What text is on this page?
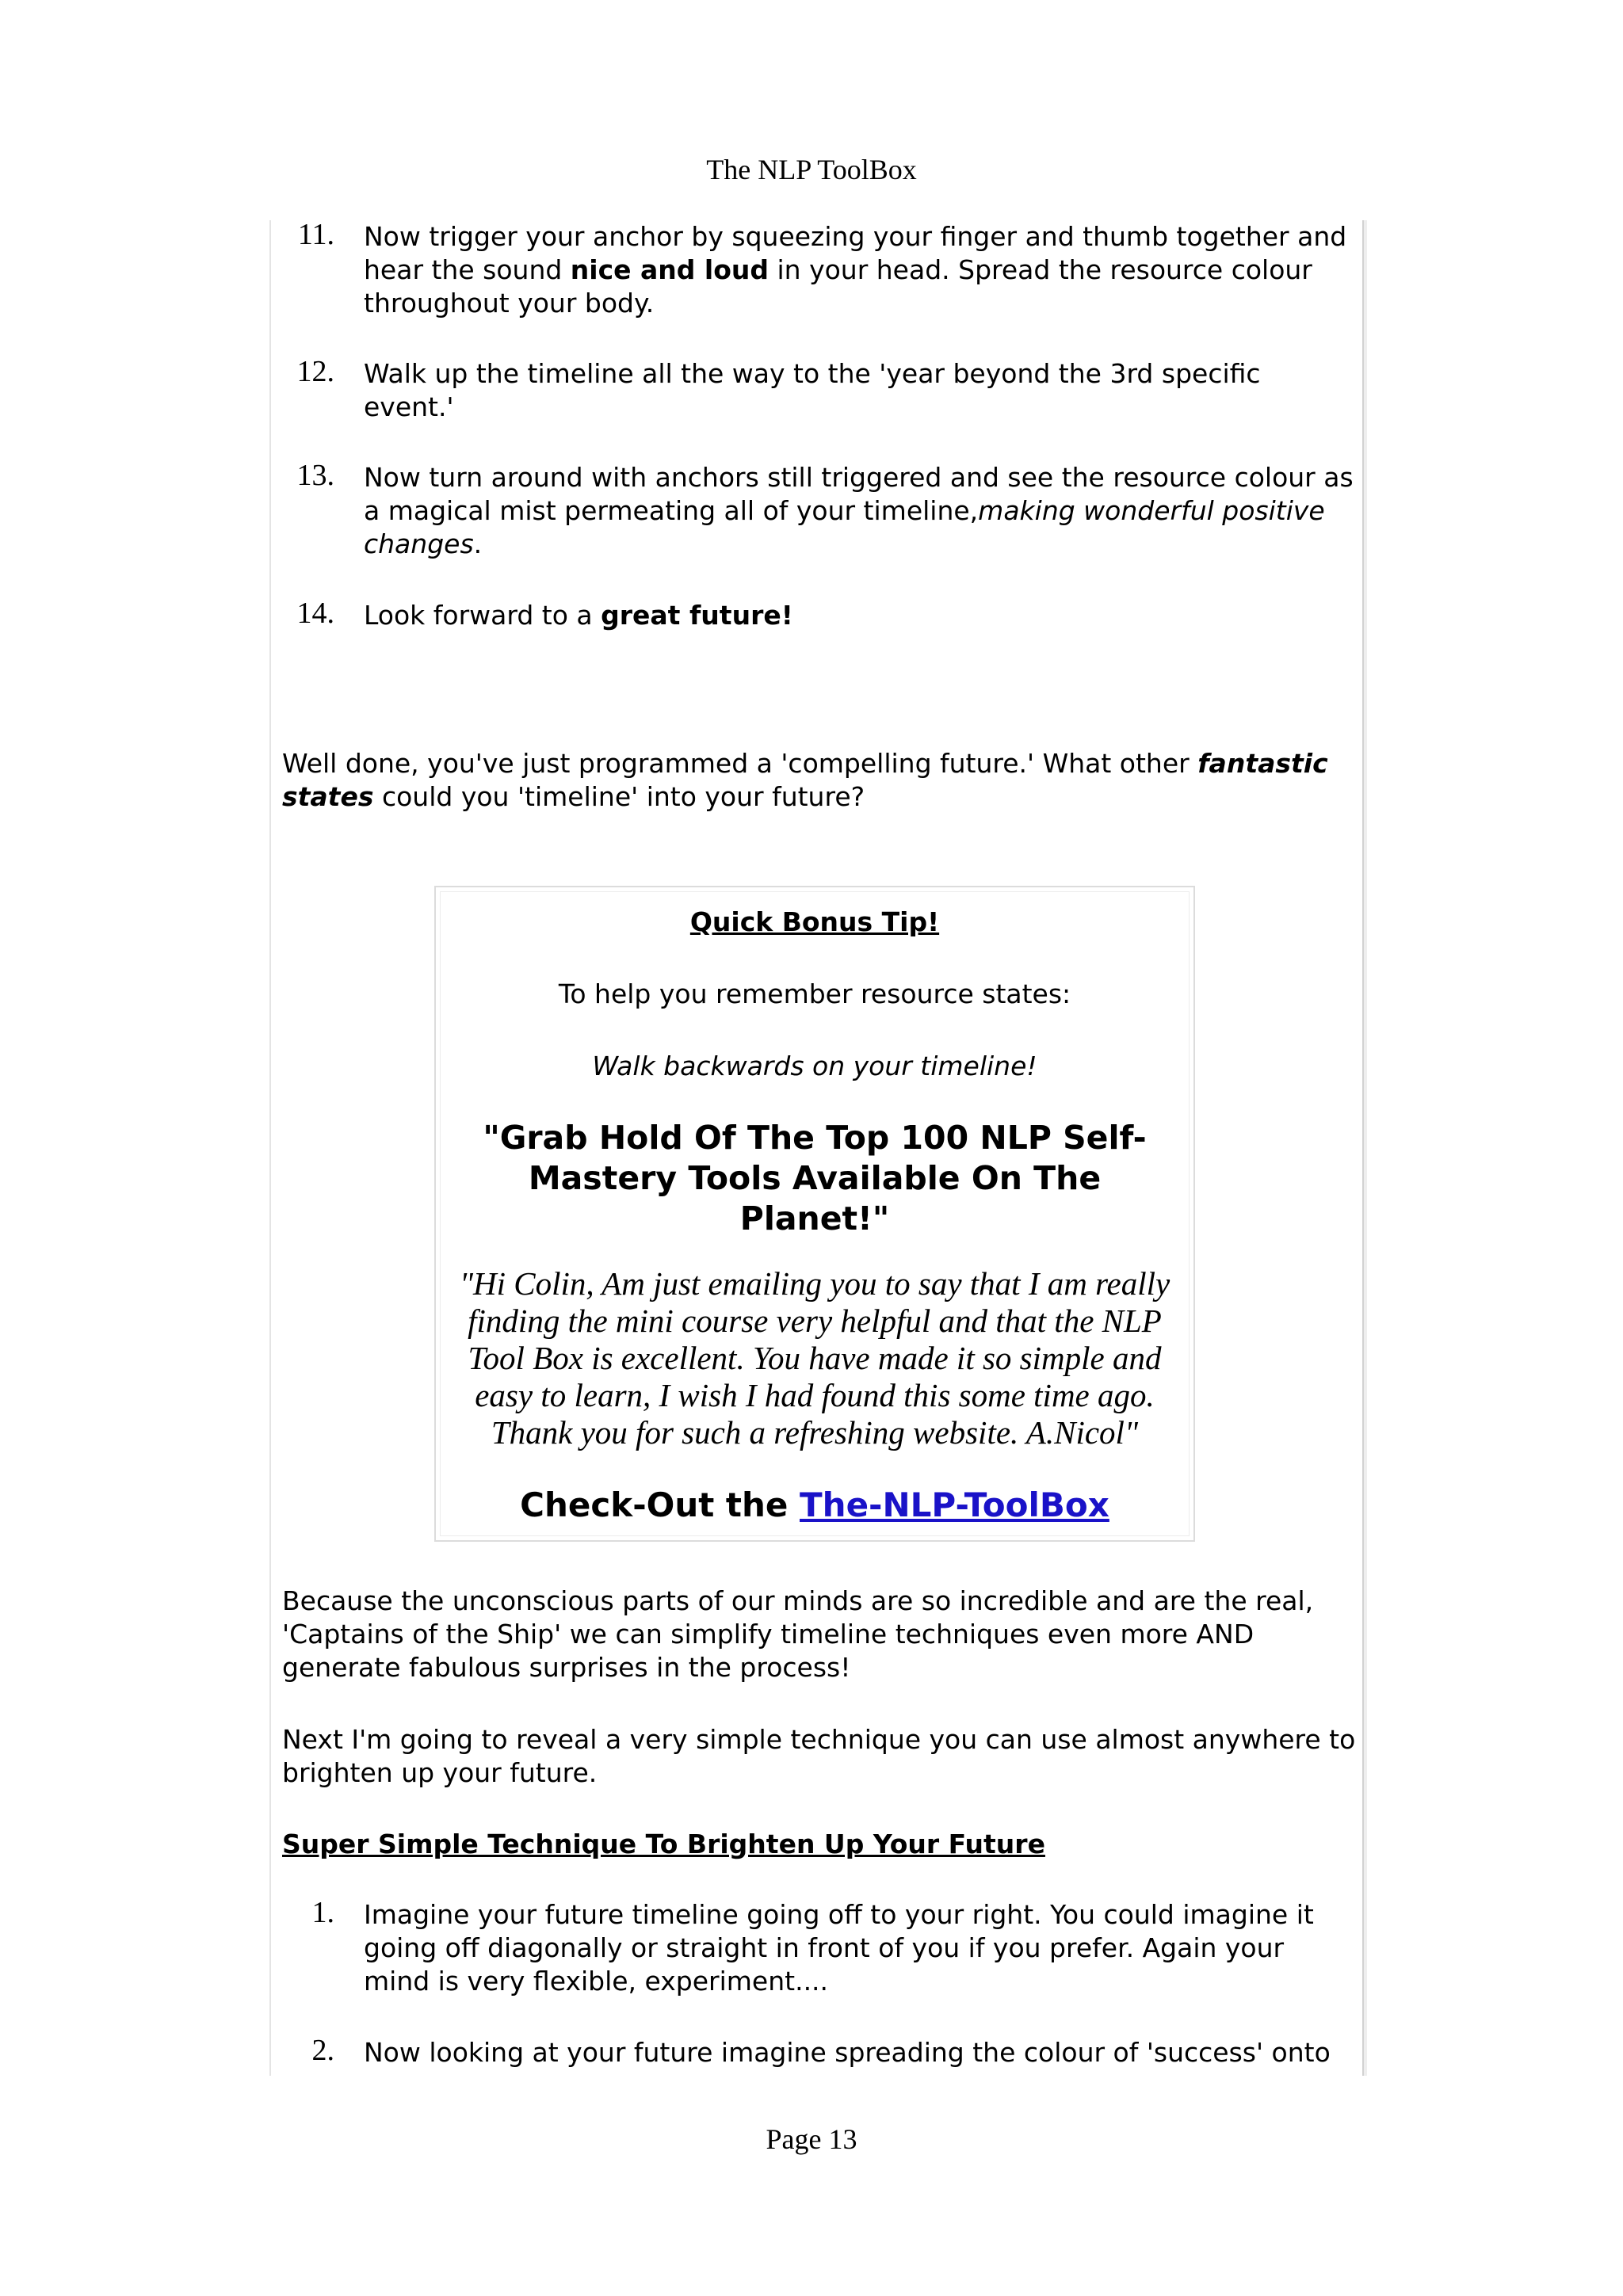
The NLP ToolBox
11. Now trigger your anchor by squeezing your finger and thumb together and hear the sound nice and loud in your head. Spread the resource colour throughout your body.
12. Walk up the timeline all the way to the 'year beyond the 3rd specific event.'
13. Now turn around with anchors still triggered and see the resource colour as a magical mist permeating all of your timeline,making wonderful positive changes.
14. Look forward to a great future!
Well done, you've just programmed a 'compelling future.' What other fantastic states could you 'timeline' into your future?
Quick Bonus Tip!
To help you remember resource states:
Walk backwards on your timeline!
"Grab Hold Of The Top 100 NLP Self-Mastery Tools Available On The Planet!"
"Hi Colin, Am just emailing you to say that I am really finding the mini course very helpful and that the NLP Tool Box is excellent. You have made it so simple and easy to learn, I wish I had found this some time ago. Thank you for such a refreshing website. A.Nicol"
Check-Out the The-NLP-ToolBox
Because the unconscious parts of our minds are so incredible and are the real, 'Captains of the Ship' we can simplify timeline techniques even more AND generate fabulous surprises in the process!
Next I'm going to reveal a very simple technique you can use almost anywhere to brighten up your future.
Super Simple Technique To Brighten Up Your Future
1. Imagine your future timeline going off to your right. You could imagine it going off diagonally or straight in front of you if you prefer. Again your mind is very flexible, experiment....
2. Now looking at your future imagine spreading the colour of 'success' onto
Page 13
